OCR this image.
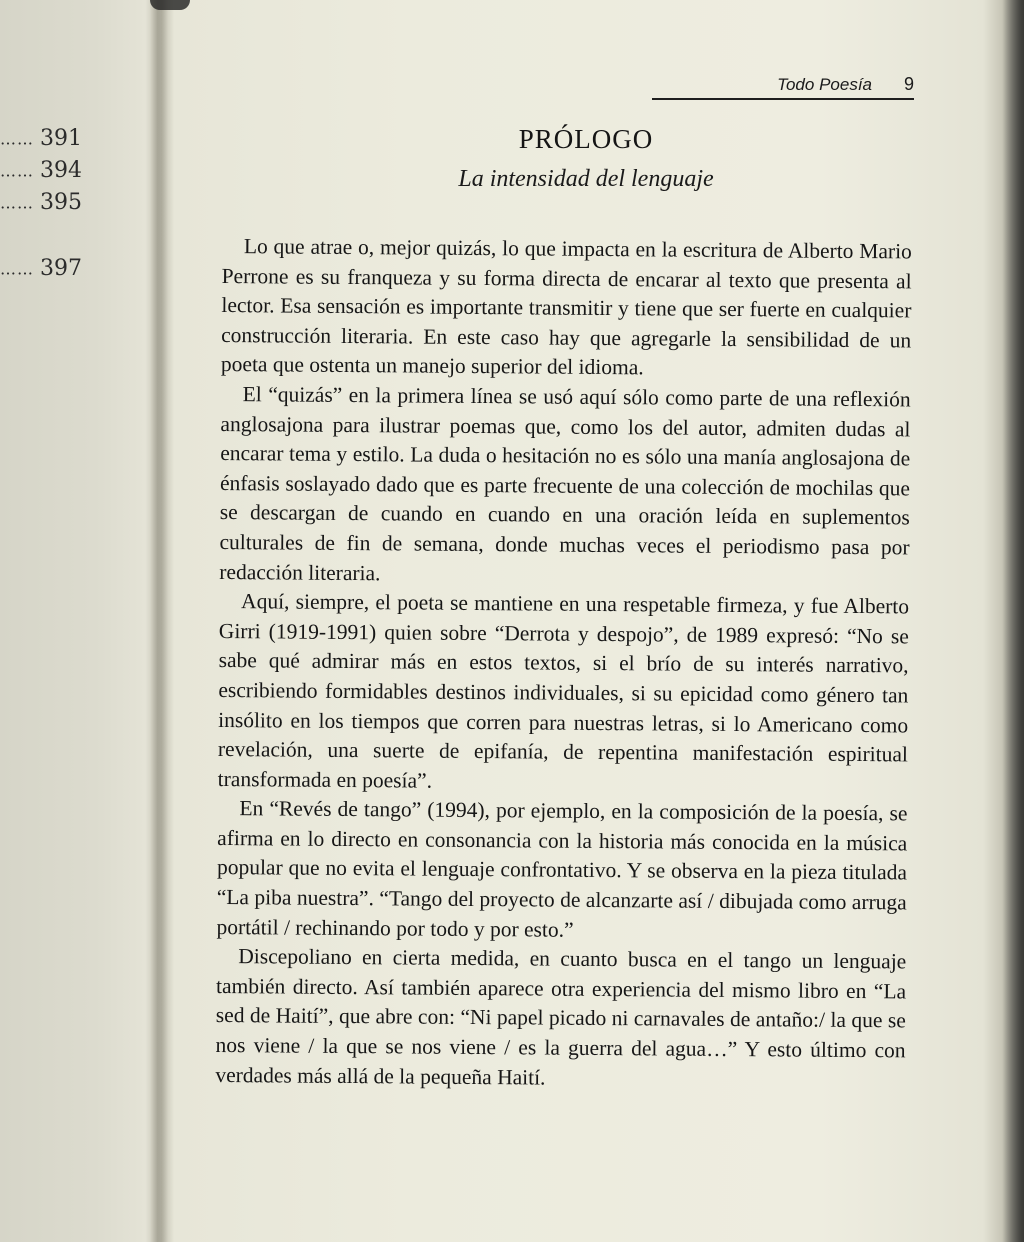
…… 391
…… 394
…… 395
…… 397
Todo Poesía 9
PRÓLOGO
La intensidad del lenguaje

Lo que atrae o, mejor quizás, lo que impacta en la escritura de Alberto Mario Perrone es su franqueza y su forma directa de encarar al texto que presenta al lector. Esa sensación es importante transmitir y tiene que ser fuerte en cualquier construcción literaria. En este caso hay que agregarle la sensibilidad de un poeta que ostenta un manejo superior del idioma.

El “quizás” en la primera línea se usó aquí sólo como parte de una reflexión anglosajona para ilustrar poemas que, como los del autor, admiten dudas al encarar tema y estilo. La duda o hesitación no es sólo una manía anglosajona de énfasis soslayado dado que es parte frecuente de una colección de mochilas que se descargan de cuando en cuando en una oración leída en suplementos culturales de fin de semana, donde muchas veces el periodismo pasa por redacción literaria.

Aquí, siempre, el poeta se mantiene en una respetable firmeza, y fue Alberto Girri (1919-1991) quien sobre “Derrota y despojo”, de 1989 expresó: “No se sabe qué admirar más en estos textos, si el brío de su interés narrativo, escribiendo formidables destinos individuales, si su epicidad como género tan insólito en los tiempos que corren para nuestras letras, si lo Americano como revelación, una suerte de epifanía, de repentina manifestación espiritual transformada en poesía”.

En “Revés de tango” (1994), por ejemplo, en la composición de la poesía, se afirma en lo directo en consonancia con la historia más conocida en la música popular que no evita el lenguaje confrontativo. Y se observa en la pieza titulada “La piba nuestra”. “Tango del proyecto de alcanzarte así / dibujada como arruga portátil / rechinando por todo y por esto.”

Discepoliano en cierta medida, en cuanto busca en el tango un lenguaje también directo. Así también aparece otra experiencia del mismo libro en “La sed de Haití”, que abre con: “Ni papel picado ni carnavales de antaño:/ la que se nos viene / la que se nos viene / es la guerra del agua…” Y esto último con verdades más allá de la pequeña Haití.
